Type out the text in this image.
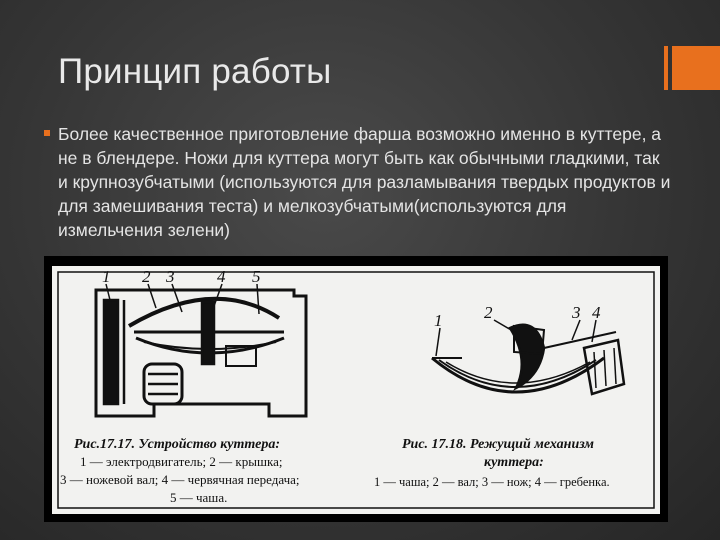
Принцип работы
Более качественное приготовление фарша возможно именно в куттере, а не в блендере. Ножи для куттера могут быть как обычными гладкими, так и крупнозубчатыми (используются для разламывания твердых продуктов и для замешивания теста) и мелкозубчатыми(используются для измельчения зелени)
1 2 3	4 5
Рис.17.17. Устройство куттера:
1 — электродвигатель; 2 — крышка;
3 — ножевой вал; 4 — червячная передача;
5 — чаша.
1 2	3 4
Рис. 17.18. Режущий механизм
куттера:
1 — чаша; 2 — вал; 3 — нож; 4 — гребенка.
